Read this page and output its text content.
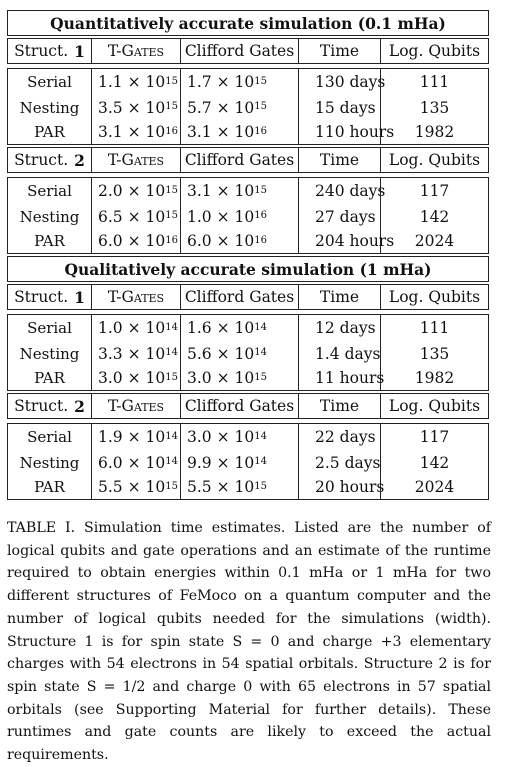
Quantitatively accurate simulation (0.1 mHa)
Struct. 1	T-Gates	Clifford Gates	Time	Log. Qubits
Serial	$1.1 \times 10^{15}$ $1.7 \times 10^{15}$	130 days	111
Nesting	$3.5 \times 10^{15}$ $5.7 \times 10^{15}$	15 days	135
PAR	$3.1 \times 10^{16}$ $3.1 \times 10^{16}$	110 hours	1982
Struct. 2	T-Gates	Clifford Gates	Time	Log. Qubits
Serial	$2.0 \times 10^{15}$ $3.1 \times 10^{15}$	240 days	117
Nesting	$6.5 \times 10^{15}$ $1.0 \times 10^{16}$	27 days	142
PAR	$6.0 \times 10^{16}$ $6.0 \times 10^{16}$	204 hours	2024
Qualitatively accurate simulation (1 mHa)
Struct. 1	T-Gates	Clifford Gates	Time	Log. Qubits
Serial	$1.0 \times 10^{14}$ $1.6 \times 10^{14}$	12 days	111
Nesting	$3.3 \times 10^{14}$ $5.6 \times 10^{14}$	1.4 days	135
PAR	$3.0 \times 10^{15}$ $3.0 \times 10^{15}$	11 hours	1982
Struct. 2	T-Gates	Clifford Gates	Time	Log. Qubits
Serial	$1.9 \times 10^{14}$ $3.0 \times 10^{14}$	22 days	117
Nesting	$6.0 \times 10^{14}$ $9.9 \times 10^{14}$	2.5 days	142
PAR	$5.5 \times 10^{15}$ $5.5 \times 10^{15}$	20 hours	2024

TABLE I. Simulation time estimates. Listed are the number of logical qubits and gate operations and an estimate of the runtime required to obtain energies within 0.1 mHa or 1 mHa for two different structures of FeMoco on a quantum computer and the number of logical qubits needed for the simulations (width). Structure 1 is for spin state S = 0 and charge +3 elementary charges with 54 electrons in 54 spatial orbitals. Structure 2 is for spin state S = 1/2 and charge 0 with 65 electrons in 57 spatial orbitals (see Supporting Material for further details). These runtimes and gate counts are likely to exceed the actual requirements.
